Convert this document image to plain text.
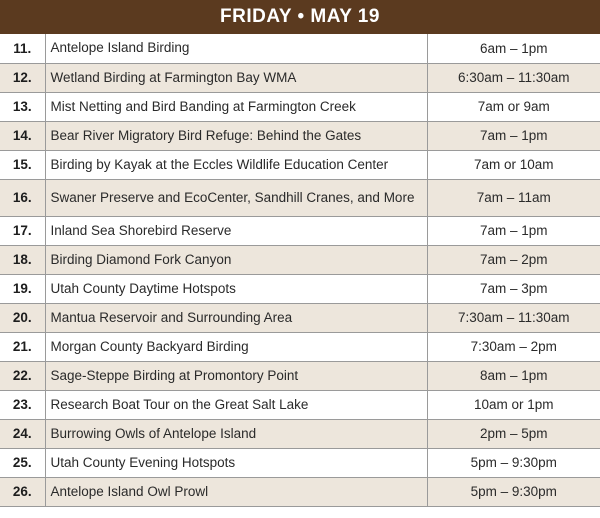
FRIDAY • MAY 19
11.	Antelope Island Birding	6am – 1pm
12.	Wetland Birding at Farmington Bay WMA	6:30am – 11:30am
13.	Mist Netting and Bird Banding at Farmington Creek	7am or 9am
14.	Bear River Migratory Bird Refuge: Behind the Gates	7am – 1pm
15.	Birding by Kayak at the Eccles Wildlife Education Center	7am or 10am
16.	Swaner Preserve and EcoCenter, Sandhill Cranes, and More	7am – 11am
17.	Inland Sea Shorebird Reserve	7am – 1pm
18.	Birding Diamond Fork Canyon	7am – 2pm
19.	Utah County Daytime Hotspots	7am – 3pm
20.	Mantua Reservoir and Surrounding Area	7:30am – 11:30am
21.	Morgan County Backyard Birding	7:30am – 2pm
22.	Sage-Steppe Birding at Promontory Point	8am – 1pm
23.	Research Boat Tour on the Great Salt Lake	10am or 1pm
24.	Burrowing Owls of Antelope Island	2pm – 5pm
25.	Utah County Evening Hotspots	5pm – 9:30pm
26.	Antelope Island Owl Prowl	5pm – 9:30pm
